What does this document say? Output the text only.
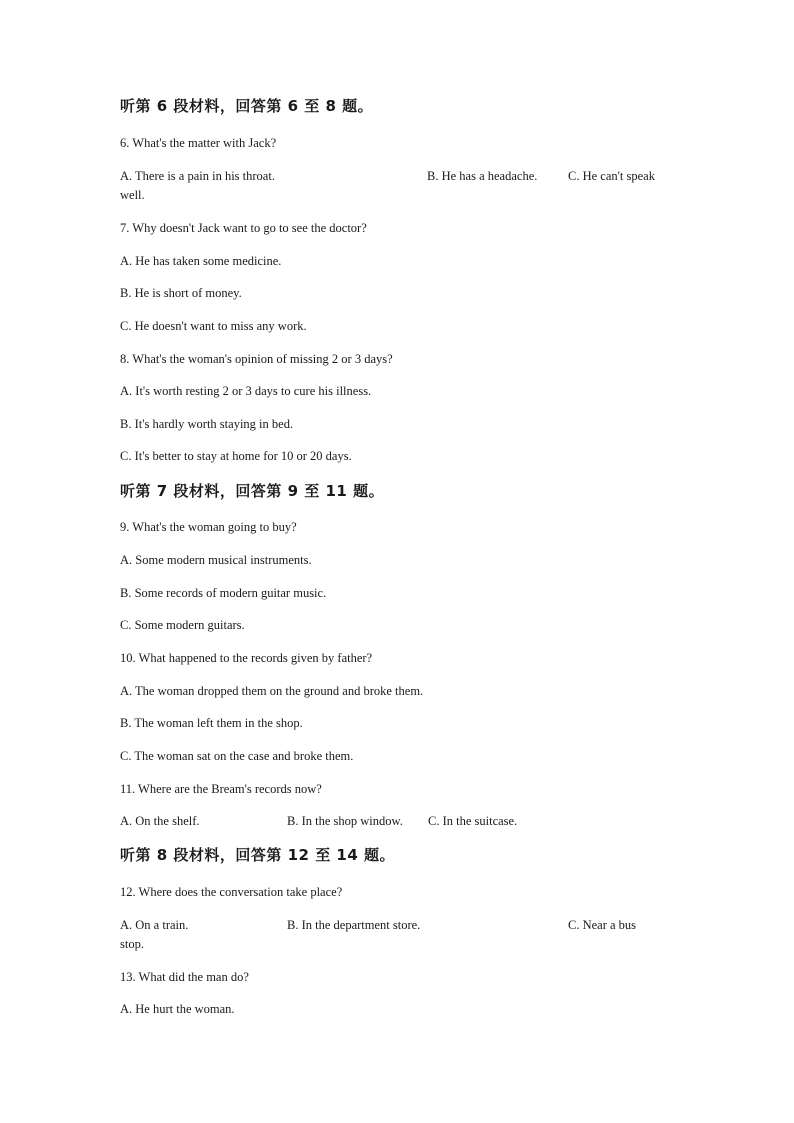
听第 6 段材料，回答第 6 至 8 题。
6. What's the matter with Jack?
A. There is a pain in his throat.	B. He has a headache. C. He can't speak
well.
7. Why doesn't Jack want to go to see the doctor?
A. He has taken some medicine.
B. He is short of money.
C. He doesn't want to miss any work.
8. What's the woman's opinion of missing 2 or 3 days?
A. It's worth resting 2 or 3 days to cure his illness.
B. It's hardly worth staying in bed.
C. It's better to stay at home for 10 or 20 days.
听第 7 段材料，回答第 9 至 11 题。
9. What's the woman going to buy?
A. Some modern musical instruments.
B. Some records of modern guitar music.
C. Some modern guitars.
10. What happened to the records given by father?
A. The woman dropped them on the ground and broke them.
B. The woman left them in the shop.
C. The woman sat on the case and broke them.
11. Where are the Bream's records now?
A. On the shelf.	B. In the shop window. C. In the suitcase.
听第 8 段材料，回答第 12 至 14 题。
12. Where does the conversation take place?
A. On a train.	B. In the department store.	C. Near a bus
stop.
13. What did the man do?
A. He hurt the woman.
